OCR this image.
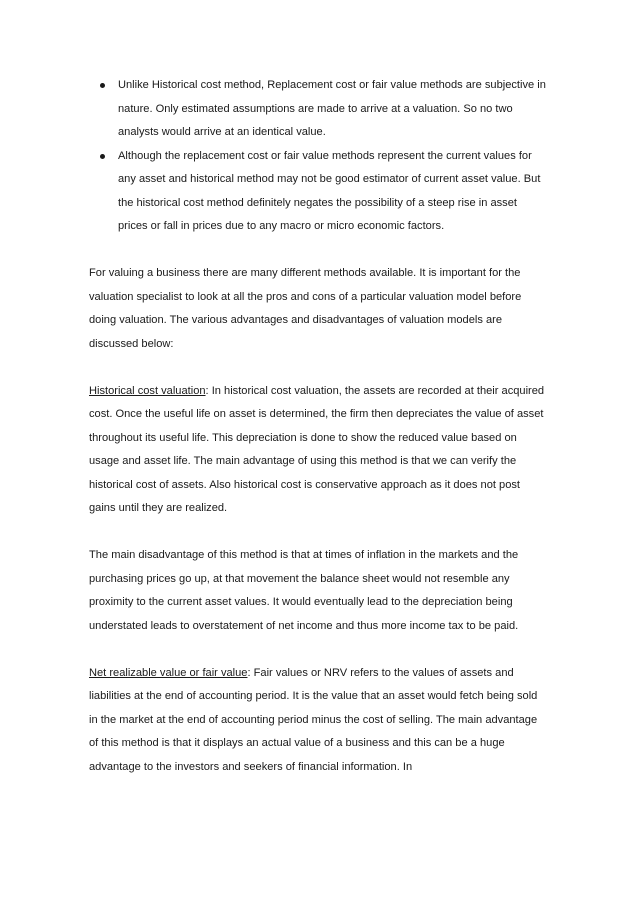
Unlike Historical cost method, Replacement cost or fair value methods are subjective in nature. Only estimated assumptions are made to arrive at a valuation. So no two analysts would arrive at an identical value.
Although the replacement cost or fair value methods represent the current values for any asset and historical method may not be good estimator of current asset value. But the historical cost method definitely negates the possibility of a steep rise in asset prices or fall in prices due to any macro or micro economic factors.

For valuing a business there are many different methods available. It is important for the valuation specialist to look at all the pros and cons of a particular valuation model before doing valuation. The various advantages and disadvantages of valuation models are discussed below:

Historical cost valuation: In historical cost valuation, the assets are recorded at their acquired cost. Once the useful life on asset is determined, the firm then depreciates the value of asset throughout its useful life. This depreciation is done to show the reduced value based on usage and asset life. The main advantage of using this method is that we can verify the historical cost of assets. Also historical cost is conservative approach as it does not post gains until they are realized.

The main disadvantage of this method is that at times of inflation in the markets and the purchasing prices go up, at that movement the balance sheet would not resemble any proximity to the current asset values. It would eventually lead to the depreciation being understated leads to overstatement of net income and thus more income tax to be paid.

Net realizable value or fair value: Fair values or NRV refers to the values of assets and liabilities at the end of accounting period. It is the value that an asset would fetch being sold in the market at the end of accounting period minus the cost of selling. The main advantage of this method is that it displays an actual value of a business and this can be a huge advantage to the investors and seekers of financial information. In
